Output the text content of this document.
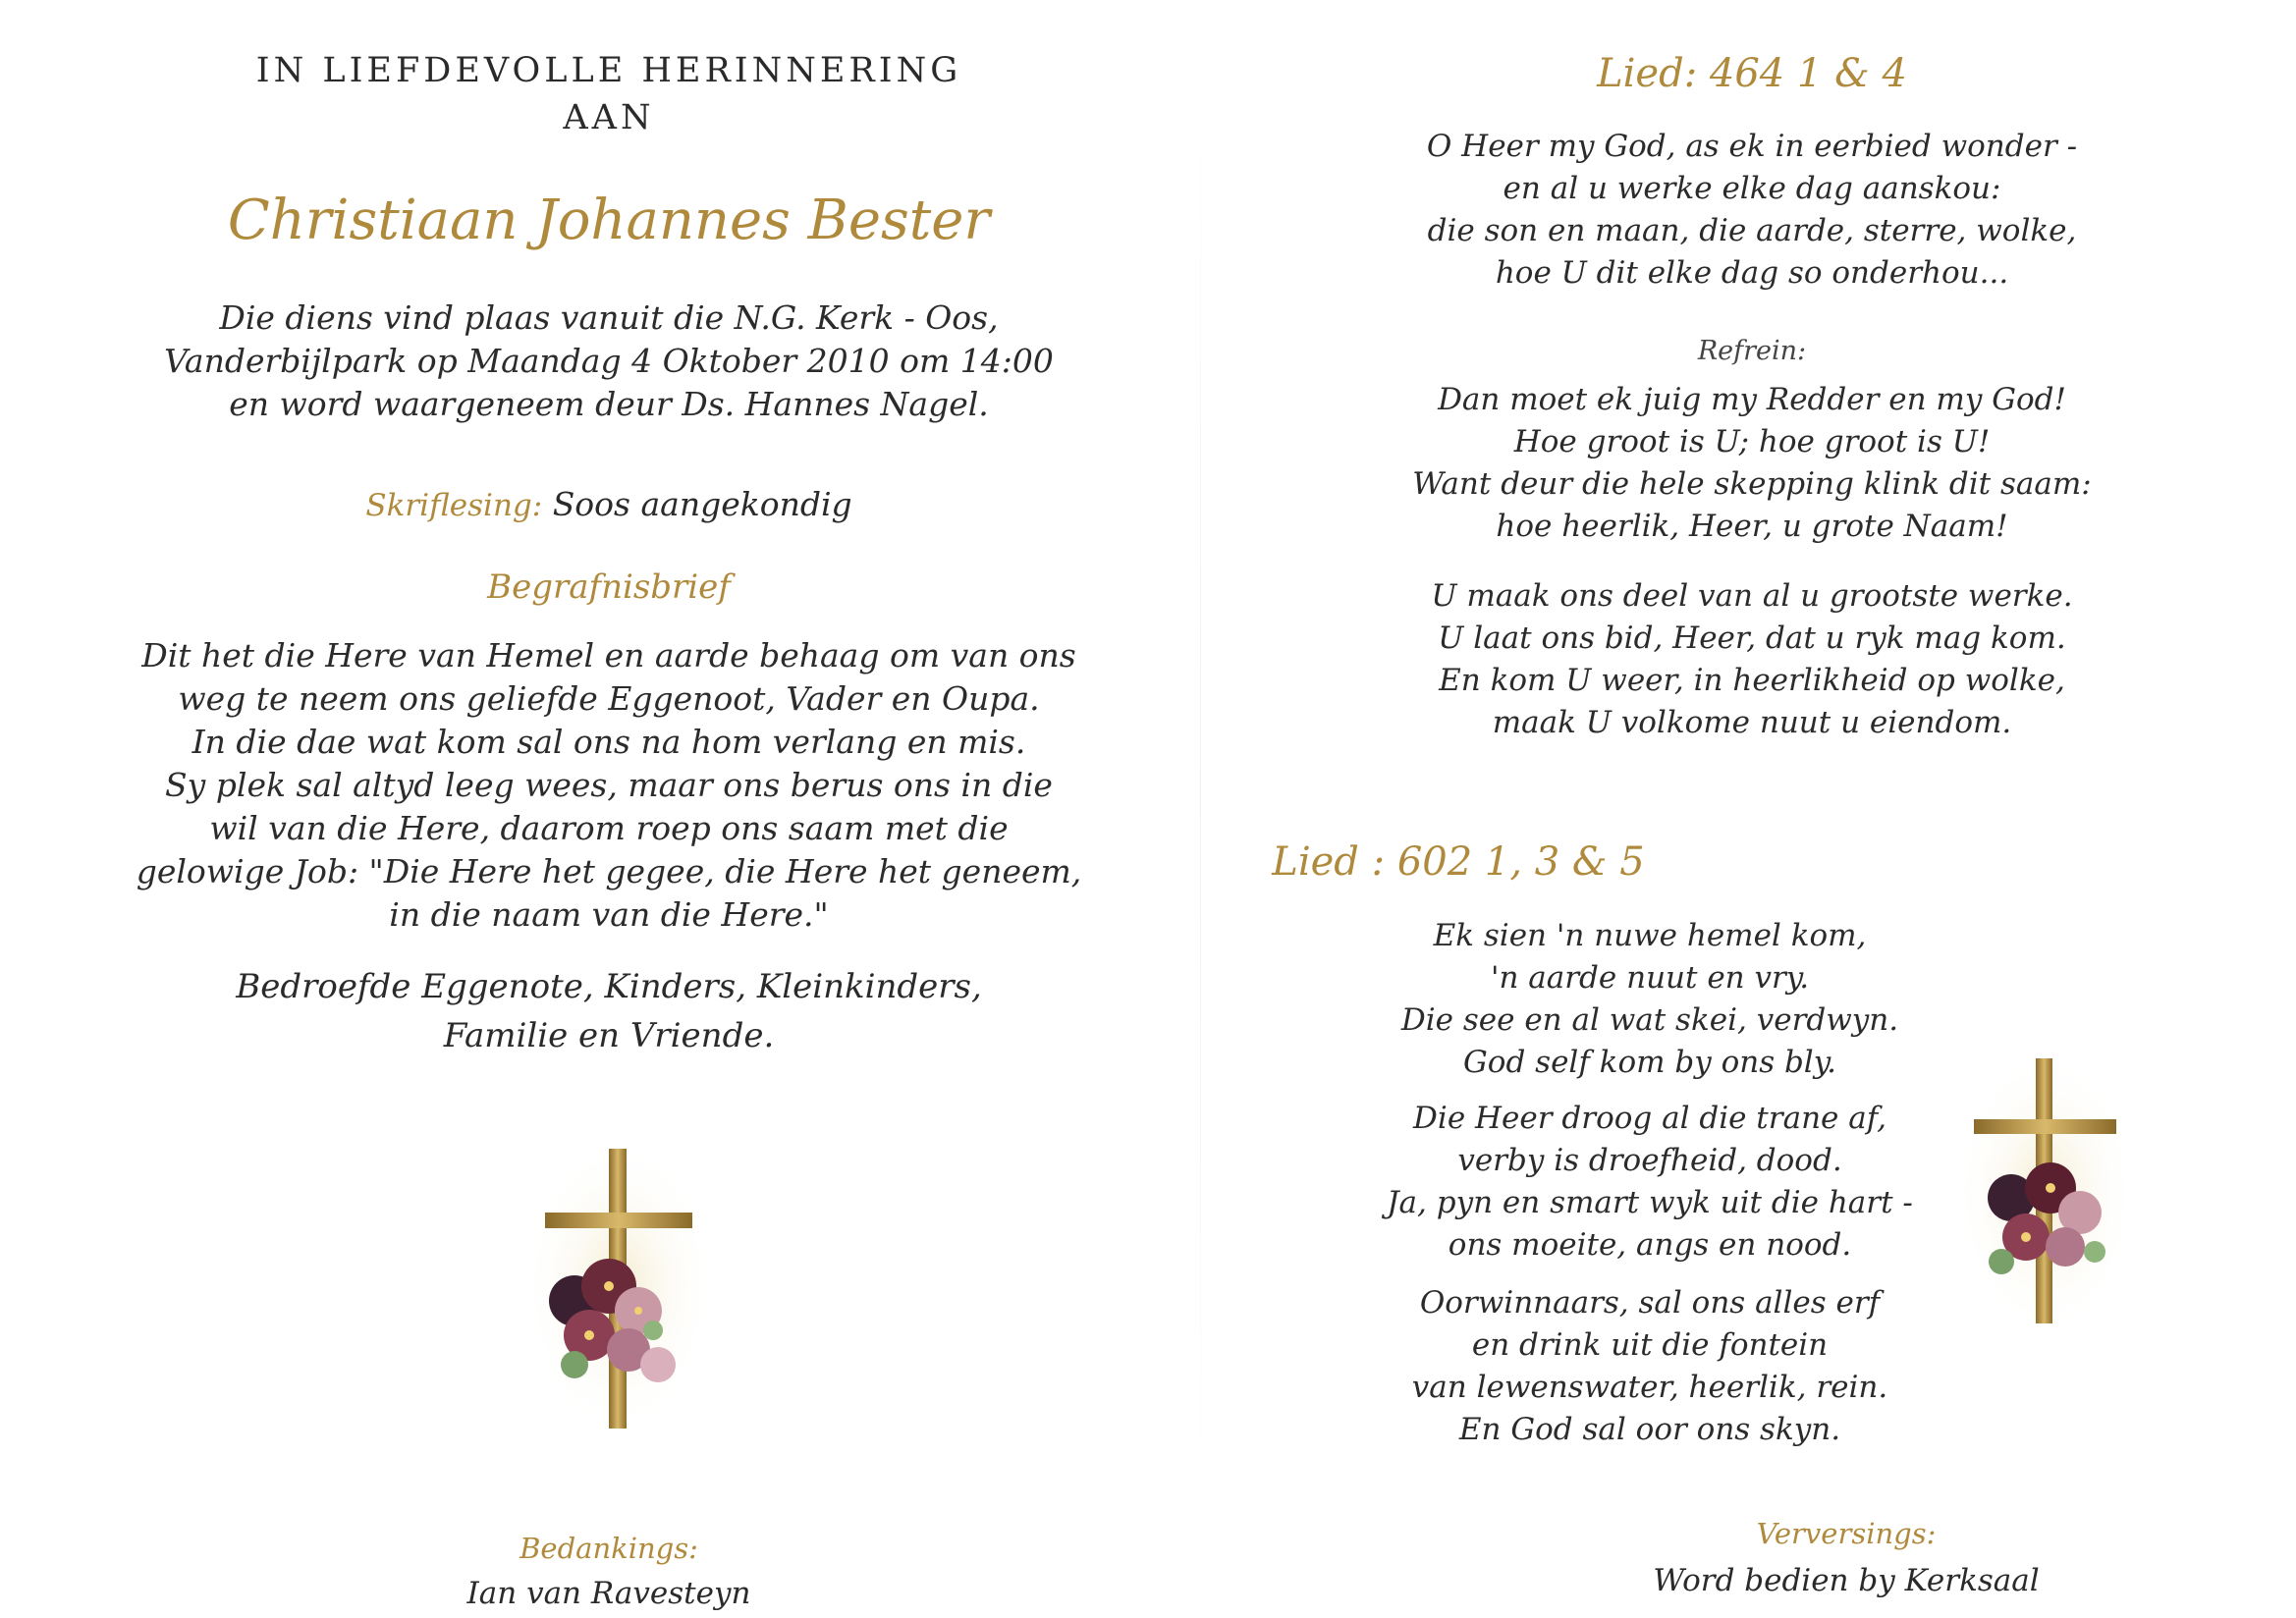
IN LIEFDEVOLLE HERINNERING
AAN
Christiaan Johannes Bester
Die diens vind plaas vanuit die N.G. Kerk - Oos,
Vanderbijlpark op Maandag 4 Oktober 2010 om 14:00
en word waargeneem deur Ds. Hannes Nagel.
Skriflesing: Soos aangekondig
Begrafnisbrief
Dit het die Here van Hemel en aarde behaag om van ons
weg te neem ons geliefde Eggenoot, Vader en Oupa.
In die dae wat kom sal ons na hom verlang en mis.
Sy plek sal altyd leeg wees, maar ons berus ons in die
wil van die Here, daarom roep ons saam met die
gelowige Job: "Die Here het gegee, die Here het geneem,
in die naam van die Here."
Bedroefde Eggenote, Kinders, Kleinkinders,
Familie en Vriende.
Bedankings:
Ian van Ravesteyn
Lied: 464 1 & 4
O Heer my God, as ek in eerbied wonder -
en al u werke elke dag aanskou:
die son en maan, die aarde, sterre, wolke,
hoe U dit elke dag so onderhou...
Refrein:
Dan moet ek juig my Redder en my God!
Hoe groot is U; hoe groot is U!
Want deur die hele skepping klink dit saam:
hoe heerlik, Heer, u grote Naam!
U maak ons deel van al u grootste werke.
U laat ons bid, Heer, dat u ryk mag kom.
En kom U weer, in heerlikheid op wolke,
maak U volkome nuut u eiendom.
Lied : 602 1, 3 & 5
Ek sien 'n nuwe hemel kom,
'n aarde nuut en vry.
Die see en al wat skei, verdwyn.
God self kom by ons bly.
Die Heer droog al die trane af,
verby is droefheid, dood.
Ja, pyn en smart wyk uit die hart -
ons moeite, angs en nood.
Oorwinnaars, sal ons alles erf
en drink uit die fontein
van lewenswater, heerlik, rein.
En God sal oor ons skyn.
Verversings:
Word bedien by Kerksaal
